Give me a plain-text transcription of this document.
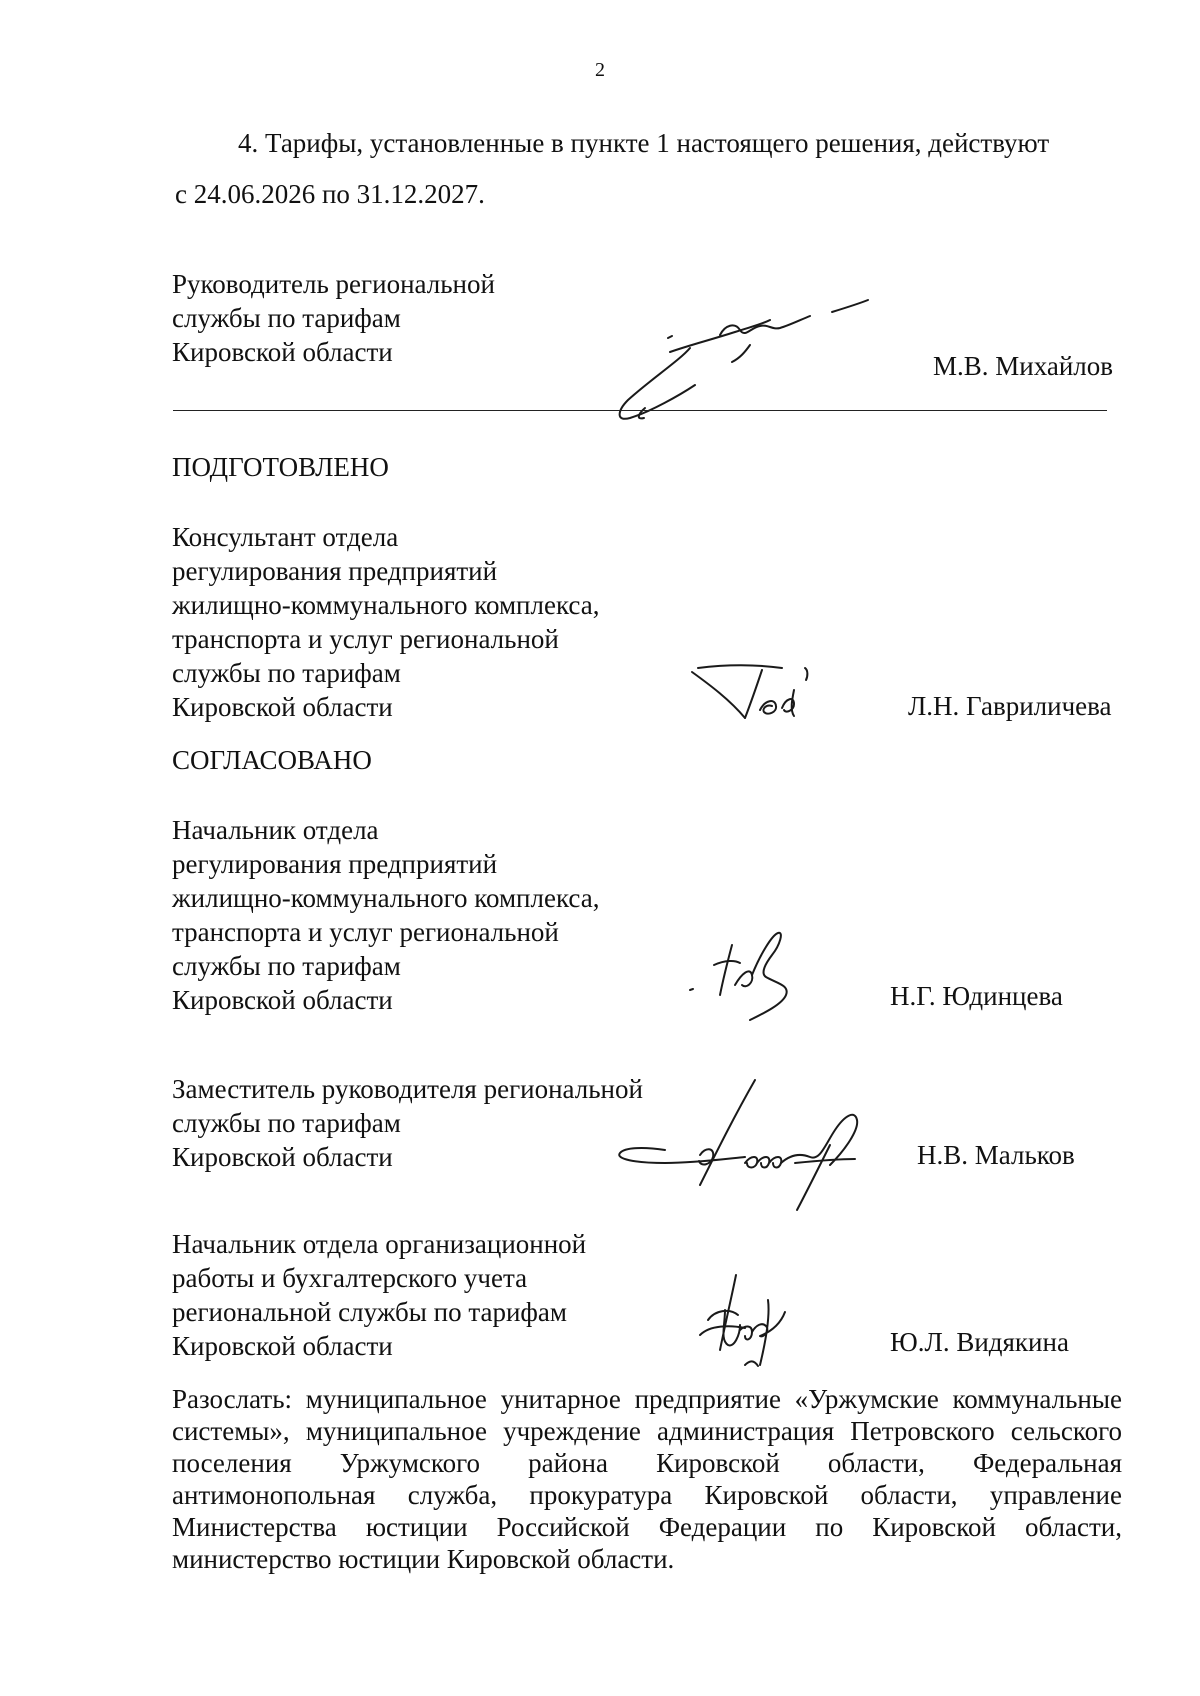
2
4. Тарифы, установленные в пункте 1 настоящего решения, действуют
с 24.06.2026 по 31.12.2027.
Руководитель региональной
службы по тарифам
Кировской области	М.В. Михайлов
ПОДГОТОВЛЕНО
Консультант отдела
регулирования предприятий
жилищно-коммунального комплекса,
транспорта и услуг региональной
службы по тарифам
Кировской области	Л.Н. Гавриличева
СОГЛАСОВАНО
Начальник отдела
регулирования предприятий
жилищно-коммунального комплекса,
транспорта и услуг региональной
службы по тарифам
Кировской области	Н.Г. Юдинцева
Заместитель руководителя региональной
службы по тарифам
Кировской области	Н.В. Мальков
Начальник отдела организационной
работы и бухгалтерского учета
региональной службы по тарифам
Кировской области	Ю.Л. Видякина
Разослать: муниципальное унитарное предприятие «Уржумские коммунальные системы», муниципальное учреждение администрация Петровского сельского поселения Уржумского района Кировской области, Федеральная антимонопольная служба, прокуратура Кировской области, управление Министерства юстиции Российской Федерации по Кировской области, министерство юстиции Кировской области.
